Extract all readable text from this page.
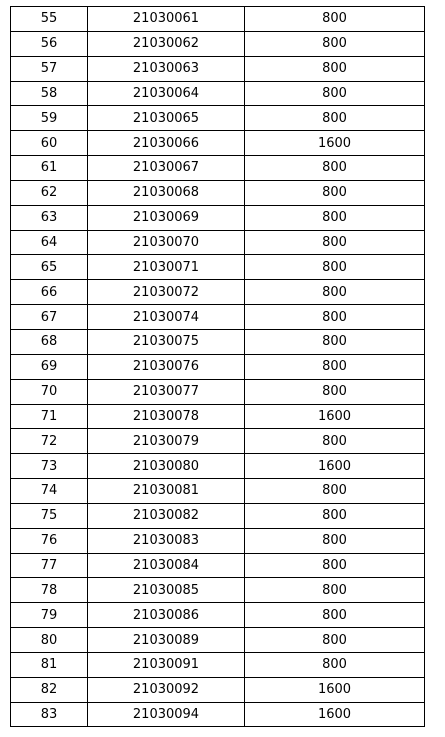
55	21030061	800
56	21030062	800
57	21030063	800
58	21030064	800
59	21030065	800
60	21030066	1600
61	21030067	800
62	21030068	800
63	21030069	800
64	21030070	800
65	21030071	800
66	21030072	800
67	21030074	800
68	21030075	800
69	21030076	800
70	21030077	800
71	21030078	1600
72	21030079	800
73	21030080	1600
74	21030081	800
75	21030082	800
76	21030083	800
77	21030084	800
78	21030085	800
79	21030086	800
80	21030089	800
81	21030091	800
82	21030092	1600
83	21030094	1600
